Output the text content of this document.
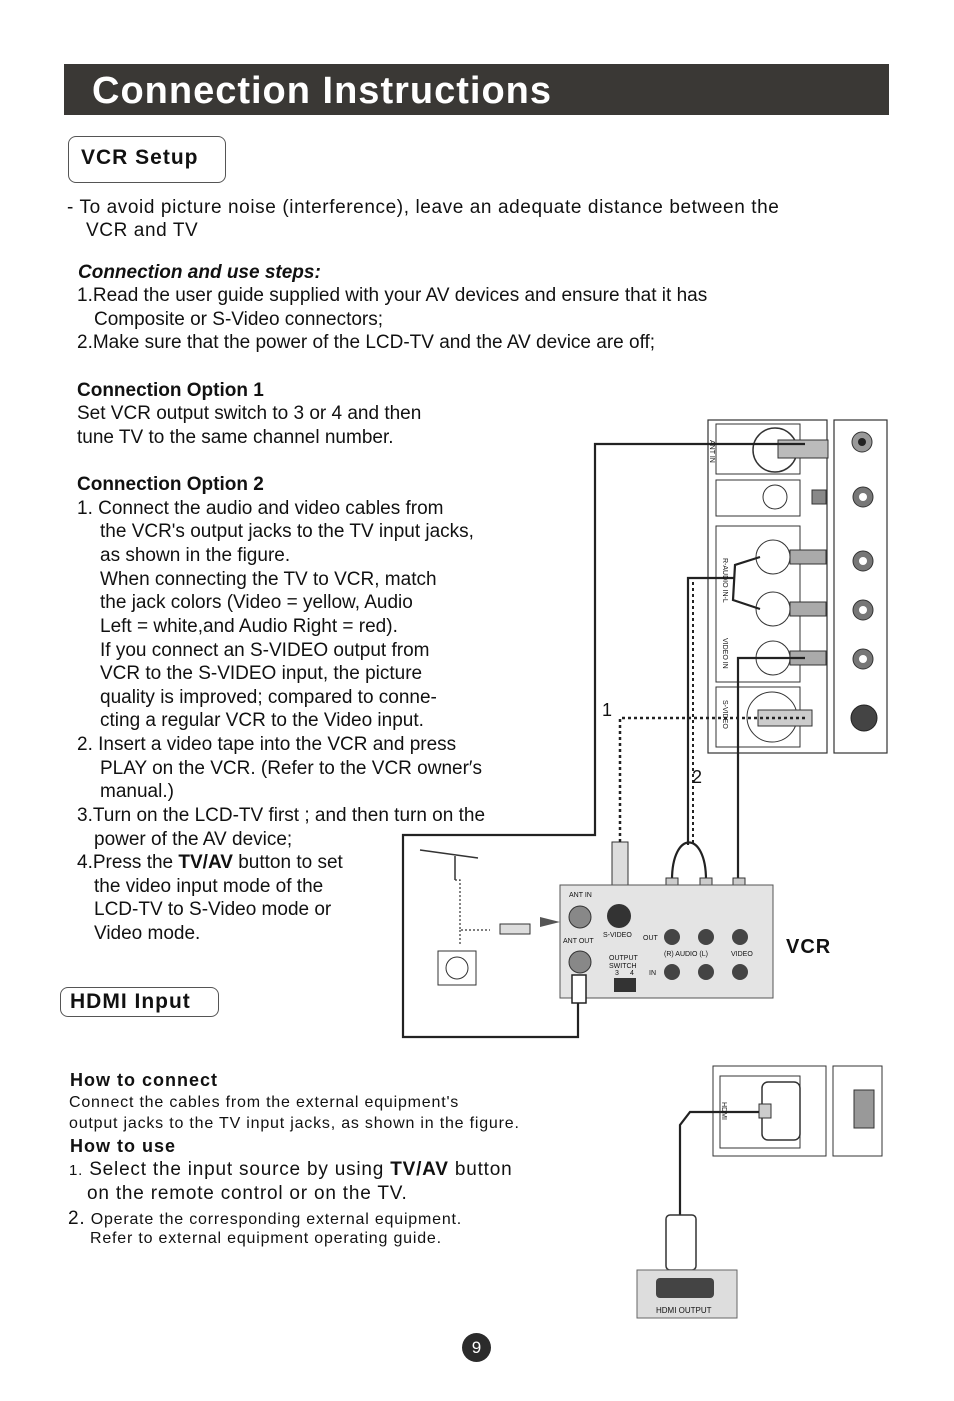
Connection Instructions
VCR Setup
- To avoid picture noise (interference), leave an adequate distance between the
VCR and TV
Connection and use steps:
1.Read the user guide supplied with your AV devices and ensure that it has
Composite or S-Video connectors;
2.Make sure that the power of the LCD-TV and the AV device are off;
Connection Option 1
Set VCR output switch to 3 or 4 and then
tune TV to the same channel number.
Connection Option 2
1. Connect the audio and video cables from
the VCR's output jacks to the TV input jacks,
as shown in the figure.
When connecting the TV to VCR, match
the jack colors (Video = yellow, Audio
Left = white,and Audio Right = red).
If you connect an S-VIDEO output from
VCR to the S-VIDEO input, the picture
quality is improved; compared to conne-
cting a regular VCR to the Video input.
2. Insert a video tape into the VCR and press
PLAY on the VCR. (Refer to the VCR owner′s
manual.)
3.Turn on the LCD-TV first ; and then turn on the
power of the AV device;
4.Press the TV/AV button to set
the video input mode of the
LCD-TV to S-Video mode or
Video mode.
ANT IN
R-AUDIO IN-L
VIDEO IN
S-VIDEO
HDMI
1
2
ANT IN
S-VIDEO
ANT OUT	OUT
(R) AUDIO (L)	VIDEO
OUTPUT SWITCH
3 4 IN
VCR
HDMI OUTPUT
HDMI Input
How to connect
Connect the cables from the external equipment's
output jacks to the TV input jacks, as shown in the figure.
How to use
1. Select the input source by using TV/AV button
on the remote control or on the TV.
2. Operate the corresponding external equipment.
Refer to external equipment operating guide.
9
